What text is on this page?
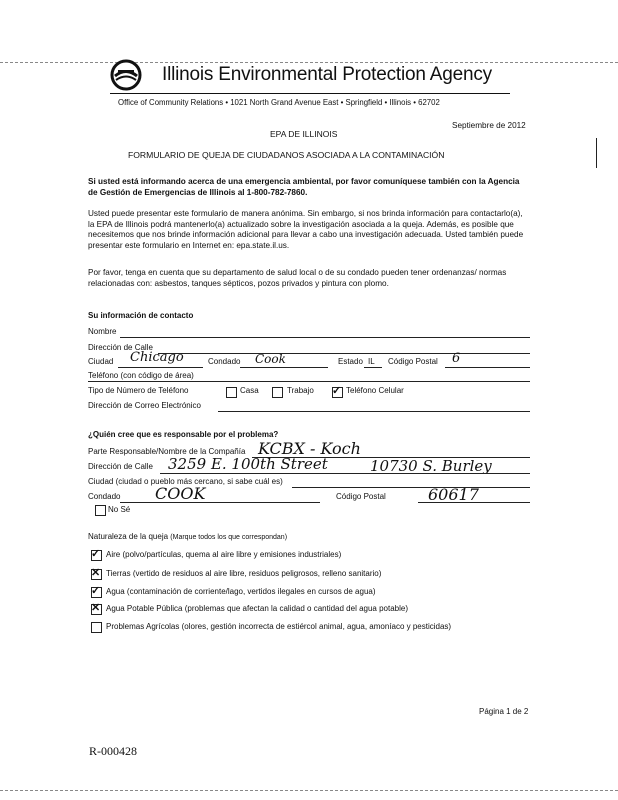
Illinois Environmental Protection Agency
Office of Community Relations • 1021 North Grand Avenue East • Springfield • Illinois • 62702
Septiembre de 2012
EPA DE ILLINOIS
FORMULARIO DE QUEJA DE CIUDADANOS ASOCIADA A LA CONTAMINACIÓN
Si usted está informando acerca de una emergencia ambiental, por favor comuníquese también con la Agencia de Gestión de Emergencias de Illinois al 1-800-782-7860.
Usted puede presentar este formulario de manera anónima. Sin embargo, si nos brinda información para contactarlo(a), la EPA de Illinois podrá mantenerlo(a) actualizado sobre la investigación asociada a la queja. Además, es posible que necesitemos que nos brinde información adicional para llevar a cabo una investigación adecuada. Usted también puede presentar este formulario en Internet en: epa.state.il.us.
Por favor, tenga en cuenta que su departamento de salud local o de su condado pueden tener ordenanzas/ normas relacionadas con: asbestos, tanques sépticos, pozos privados y pintura con plomo.
Su información de contacto
Nombre
Dirección de Calle
Ciudad Chicago	Condado Cook	Estado IL Código Postal 6
Teléfono (con código de área)
Tipo de Número de Teléfono	Casa	Trabajo ✓ Teléfono Celular
Dirección de Correo Electrónico
¿Quién cree que es responsable por el problema?
Parte Responsable/Nombre de la Compañía KCBX - Koch
Dirección de Calle 3259 E. 100th Street	10730 S. Burley
Ciudad (ciudad o pueblo más cercano, si sabe cuál es)
Condado COOK	Código Postal	60617
No Sé
Naturaleza de la queja (Marque todos los que correspondan)
✓ Aire (polvo/partículas, quema al aire libre y emisiones industriales)
✕ Tierras (vertido de residuos al aire libre, residuos peligrosos, relleno sanitario)
✓ Agua (contaminación de corriente/lago, vertidos ilegales en cursos de agua)
✕ Agua Potable Pública (problemas que afectan la calidad o cantidad del agua potable)
Problemas Agrícolas (olores, gestión incorrecta de estiércol animal, agua, amoníaco y pesticidas)
Página 1 de 2
R-000428
